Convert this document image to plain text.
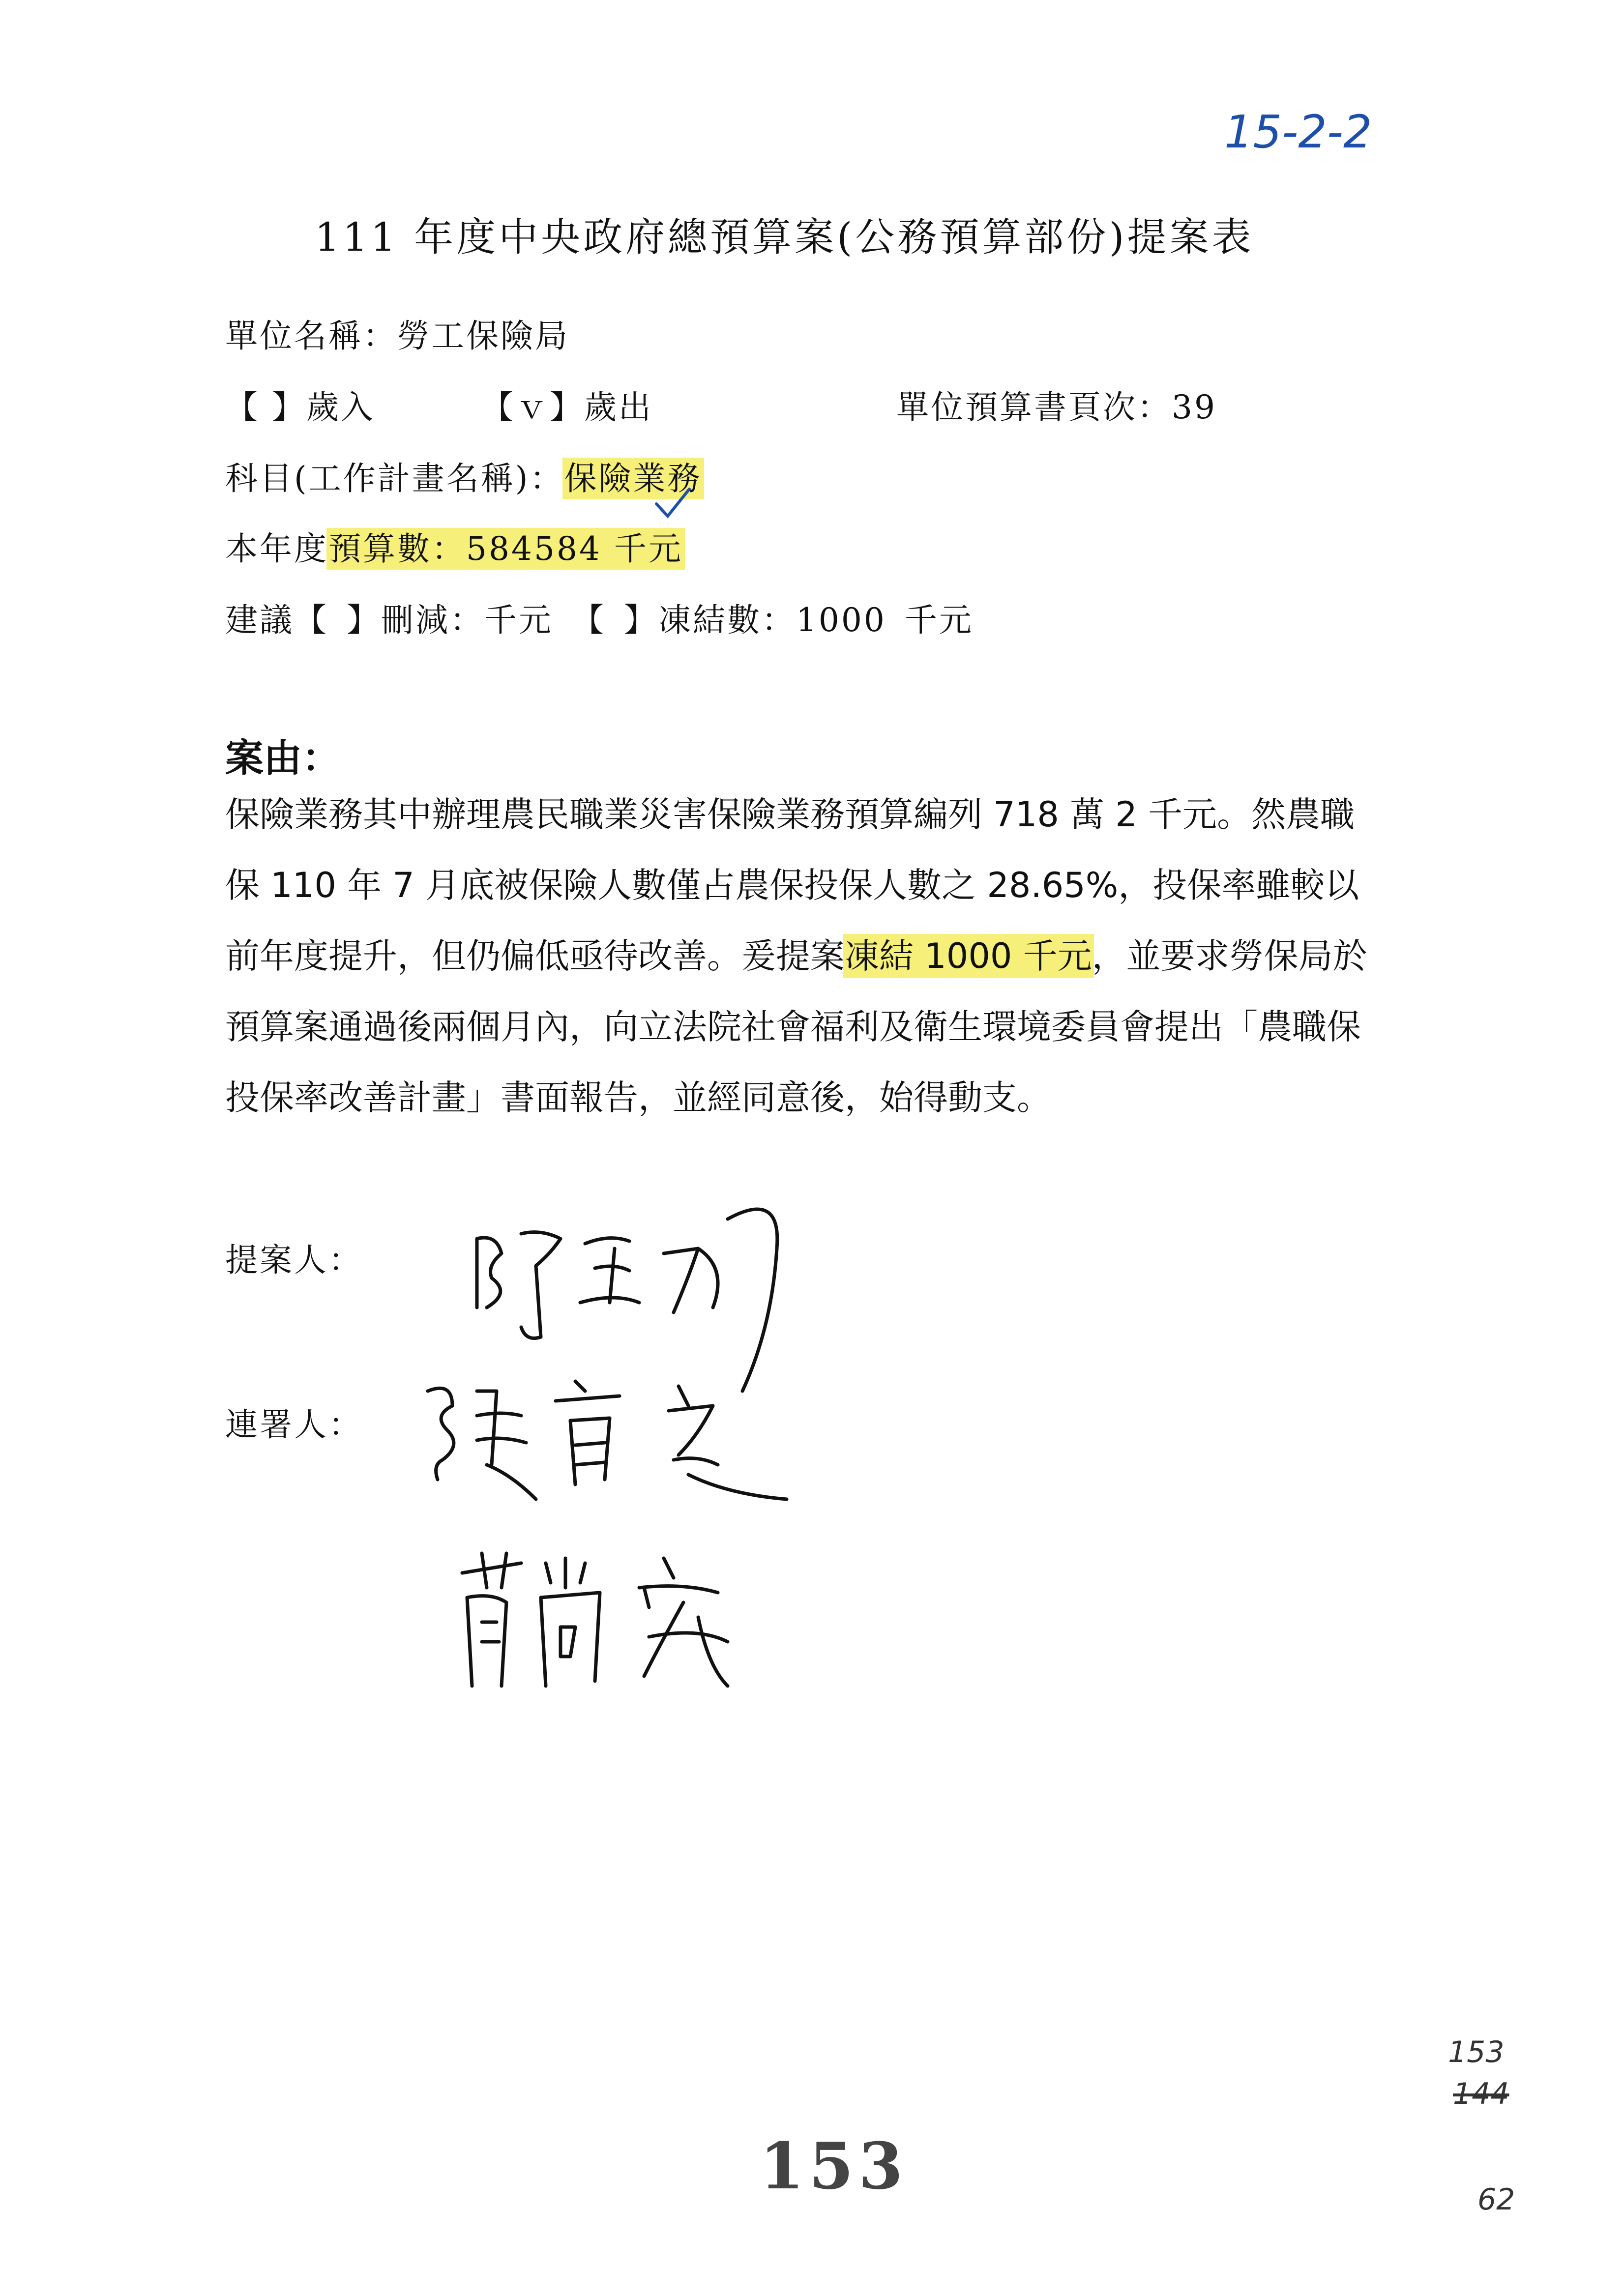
15-2-2
111 年度中央政府總預算案(公務預算部份)提案表
單位名稱：勞工保險局
【 】歲入	【ｖ】歲出	單位預算書頁次：39
科目(工作計畫名稱)：保險業務
本年度預算數：584584 千元
建議【 】刪減：千元 【 】凍結數：1000 千元
案由：
保險業務其中辦理農民職業災害保險業務預算編列 718 萬 2 千元。然農職保 110 年 7 月底被保險人數僅占農保投保人數之 28.65%，投保率雖較以前年度提升，但仍偏低亟待改善。爰提案凍結 1000 千元，並要求勞保局於預算案通過後兩個月內，向立法院社會福利及衛生環境委員會提出「農職保投保率改善計畫」書面報告，並經同意後，始得動支。
提案人：
連署人：
153
144
62
153
